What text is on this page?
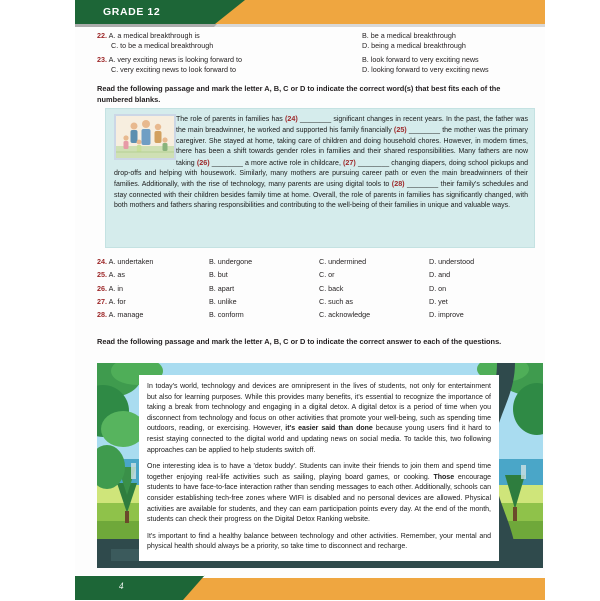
GRADE 12
22. A. a medical breakthrough is	B. be a medical breakthrough
C. to be a medical breakthrough	D. being a medical breakthrough
23. A. very exciting news is looking forward to	B. look forward to very exciting news
C. very exciting news to look forward to	D. looking forward to very exciting news
Read the following passage and mark the letter A, B, C or D to indicate the correct word(s) that best fits each of the numbered blanks.
The role of parents in families has (24) ________ significant changes in recent years. In the past, the father was the main breadwinner, he worked and supported his family financially (25) ________ the mother was the primary caregiver. She stayed at home, taking care of children and doing household chores. However, in modern times, there has been a shift towards gender roles in families and their shared responsibilities. Many fathers are now taking (26) ________ a more active role in childcare, (27) ________ changing diapers, doing school pickups and drop-offs and helping with housework. Similarly, many mothers are pursuing career path or even the main breadwinners of their families. Additionally, with the rise of technology, many parents are using digital tools to (28) ________ their family's schedules and stay connected with their children besides family time at home. Overall, the role of parents in families has significantly changed, with both mothers and fathers sharing responsibilities and contributing to the well-being of their families in unique and valuable ways.
24. A. undertaken	B. undergone	C. undermined	D. understood
25. A. as	B. but	C. or	D. and
26. A. in	B. apart	C. back	D. on
27. A. for	B. unlike	C. such as	D. yet
28. A. manage	B. conform	C. acknowledge	D. improve
Read the following passage and mark the letter A, B, C or D to indicate the correct answer to each of the questions.

In today's world, technology and devices are omnipresent in the lives of students, not only for entertainment but also for learning purposes. While this provides many benefits, it's essential to recognize the importance of taking a break from technology and engaging in a digital detox. A digital detox is a period of time when you disconnect from technology and focus on other activities that promote your well-being, such as spending time outdoors, reading, or exercising. However, it's easier said than done because young users find it hard to resist staying connected to the digital world and updating news on social media. To tackle this, two following approaches can be applied to help students switch off.

One interesting idea is to have a 'detox buddy'. Students can invite their friends to join them and spend time together enjoying real-life activities such as sailing, playing board games, or cooking. Those encourage students to have face-to-face interaction rather than sending messages to each other. Additionally, schools can consider establishing tech-free zones where WIFI is disabled and no personal devices are allowed. Physical activities are available for students, and they can earn participation points every day. At the end of the month, students can check their progress on the Digital Detox Ranking website.

It's important to find a healthy balance between technology and other activities. Remember, your mental and physical health should always be a priority, so take time to disconnect and recharge.

4
